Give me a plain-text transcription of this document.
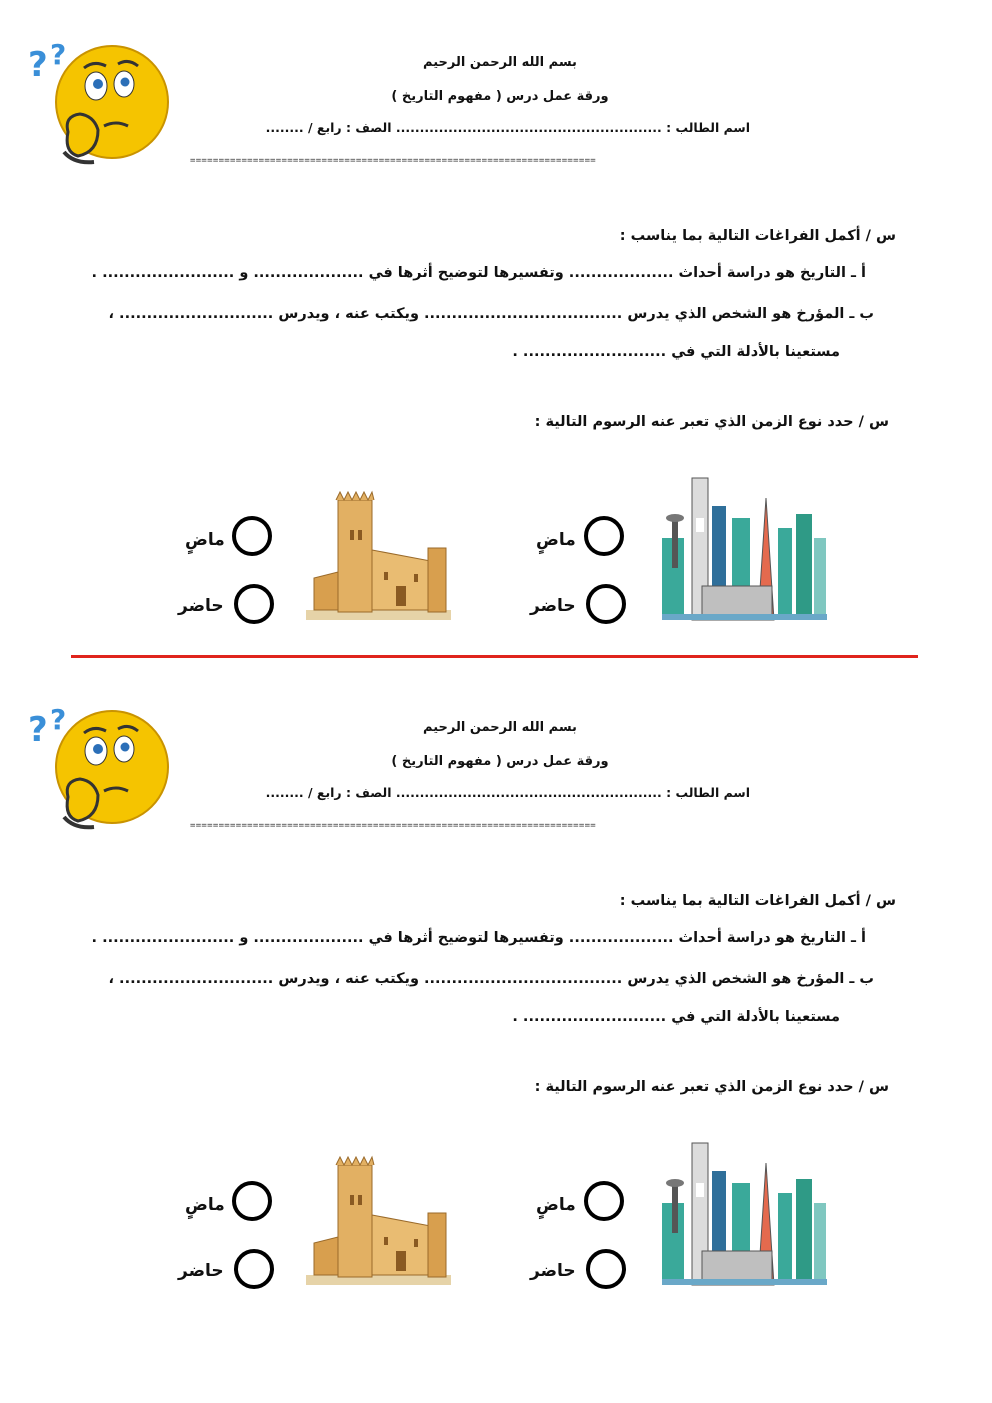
? ?	بسم الله الرحمن الرحيم
ورقة عمل درس ( مفهوم التاريخ )
اسم الطالب : ........................................................ الصف : رابع / ........
=======================================================================
س / أكمل الفراغات التالية بما يناسب :
أ ـ التاريخ هو دراسة أحداث ................... وتفسيرها لتوضيح أثرها في .................... و ........................ .
ب ـ المؤرخ هو الشخص الذي يدرس .................................... ويكتب عنه ، ويدرس ............................ ،
مستعينا بالأدلة التي في .......................... .
س / حدد نوع الزمن الذي تعبر عنه الرسوم التالية :
ماضٍ
حاضر
ماضٍ
حاضر
? ?	بسم الله الرحمن الرحيم
ورقة عمل درس ( مفهوم التاريخ )
اسم الطالب : ........................................................ الصف : رابع / ........
=======================================================================
س / أكمل الفراغات التالية بما يناسب :
أ ـ التاريخ هو دراسة أحداث ................... وتفسيرها لتوضيح أثرها في .................... و ........................ .
ب ـ المؤرخ هو الشخص الذي يدرس .................................... ويكتب عنه ، ويدرس ............................ ،
مستعينا بالأدلة التي في .......................... .
س / حدد نوع الزمن الذي تعبر عنه الرسوم التالية :
ماضٍ
حاضر
ماضٍ
حاضر
